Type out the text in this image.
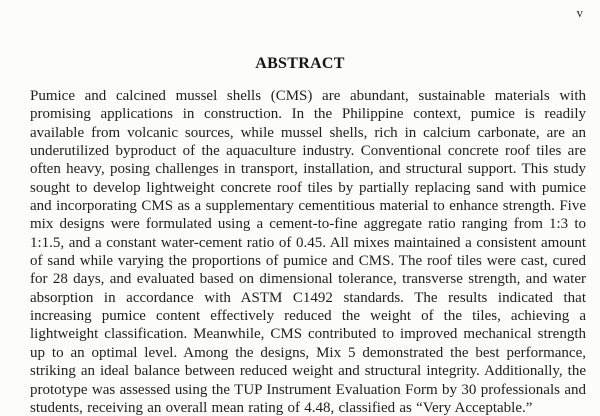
v
ABSTRACT

Pumice and calcined mussel shells (CMS) are abundant, sustainable materials with promising applications in construction. In the Philippine context, pumice is readily available from volcanic sources, while mussel shells, rich in calcium carbonate, are an underutilized byproduct of the aquaculture industry. Conventional concrete roof tiles are often heavy, posing challenges in transport, installation, and structural support. This study sought to develop lightweight concrete roof tiles by partially replacing sand with pumice and incorporating CMS as a supplementary cementitious material to enhance strength. Five mix designs were formulated using a cement-to-fine aggregate ratio ranging from 1:3 to 1:1.5, and a constant water-cement ratio of 0.45. All mixes maintained a consistent amount of sand while varying the proportions of pumice and CMS. The roof tiles were cast, cured for 28 days, and evaluated based on dimensional tolerance, transverse strength, and water absorption in accordance with ASTM C1492 standards. The results indicated that increasing pumice content effectively reduced the weight of the tiles, achieving a lightweight classification. Meanwhile, CMS contributed to improved mechanical strength up to an optimal level. Among the designs, Mix 5 demonstrated the best performance, striking an ideal balance between reduced weight and structural integrity. Additionally, the prototype was assessed using the TUP Instrument Evaluation Form by 30 professionals and students, receiving an overall mean rating of 4.48, classified as “Very Acceptable.”
